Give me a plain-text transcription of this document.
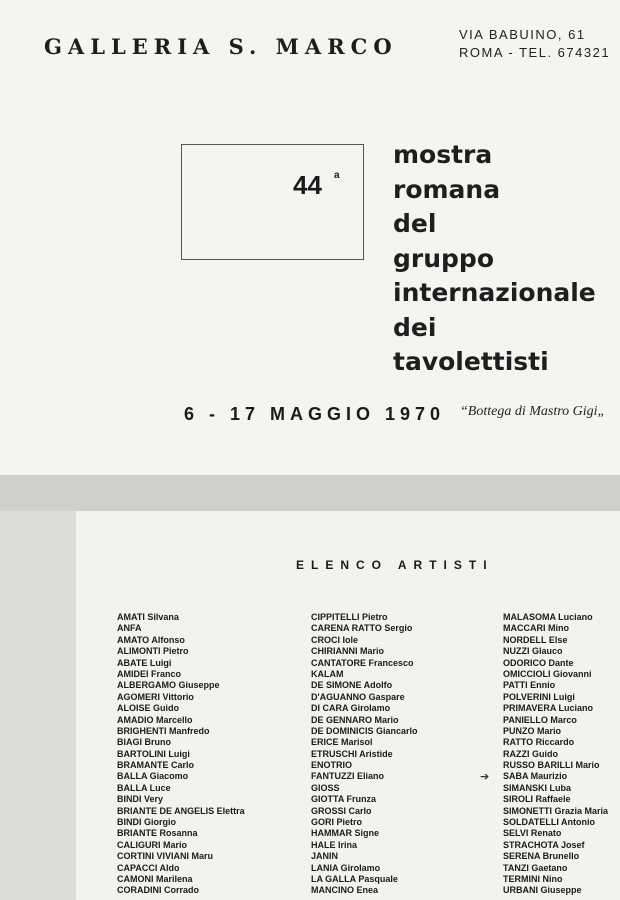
GALLERIA S. MARCO	VIA BABUINO, 61
ROMA - TEL. 674321
44 a
mostra
romana
del
gruppo
internazionale
dei
tavolettisti
6 - 17 MAGGIO 1970 “Bottega di Mastro Gigi„
ELENCO ARTISTI
AMATI Silvana
ANFA
AMATO Alfonso
ALIMONTI Pietro
ABATE Luigi
AMIDEI Franco
ALBERGAMO Giuseppe
AGOMERI Vittorio
ALOISE Guido
AMADIO Marcello
BRIGHENTI Manfredo
BIAGI Bruno
BARTOLINI Luigi
BRAMANTE Carlo
BALLA Giacomo
BALLA Luce
BINDI Very
BRIANTE DE ANGELIS Elettra
BINDI Giorgio
BRIANTE Rosanna
CALIGURI Mario
CORTINI VIVIANI Maru
CAPACCI Aldo
CAMONI Marilena
CORADINI Corrado
CIPPITELLI Pietro
CARENA RATTO Sergio
CROCI Iole
CHIRIANNI Mario
CANTATORE Francesco
KALAM
DE SIMONE Adolfo
D'AGUANNO Gaspare
DI CARA Girolamo
DE GENNARO Mario
DE DOMINICIS Giancarlo
ERICE Marisol
ETRUSCHI Aristide
ENOTRIO
FANTUZZI Eliano
GIOSS
GIOTTA Frunza
GROSSI Carlo
GORI Pietro
HAMMAR Signe
HALE Irina
JANIN
LANIA Girolamo
LA GALLA Pasquale
MANCINO Enea
MALASOMA Luciano
MACCARI Mino
NORDELL Else
NUZZI Glauco
ODORICO Dante
OMICCIOLI Giovanni
PATTI Ennio
POLVERINI Luigi
PRIMAVERA Luciano
PANIELLO Marco
PUNZO Mario
RATTO Riccardo
RAZZI Guido
RUSSO BARILLI Mario
SABA Maurizio
SIMANSKI Luba
SIROLI Raffaele
SIMONETTI Grazia Maria
SOLDATELLI Antonio
SELVI Renato
STRACHOTA Josef
SERENA Brunello
TANZI Gaetano
TERMINI Nino
URBANI Giuseppe
➔
